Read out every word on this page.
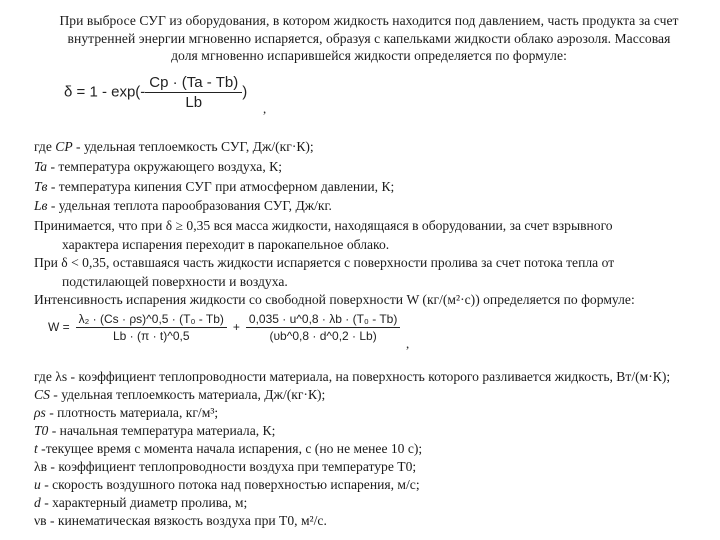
При выбросе СУГ из оборудования, в котором жидкость находится под давлением, часть продукта за счет
внутренней энергии мгновенно испаряется, образуя с капельками жидкости облако аэрозоля. Массовая
доля мгновенно испарившейся жидкости определяется по формуле:
$\delta = 1 - \exp(- \frac{Cp \cdot (Ta - Tb)}{Lb}$ )
,
где CP - удельная теплоемкость СУГ, Дж/(кг·К);
Ta - температура окружающего воздуха, К;
Tв - температура кипения СУГ при атмосферном давлении, К;
Lв - удельная теплота парообразования СУГ, Дж/кг.
Принимается, что при δ ≥ 0,35 вся масса жидкости, находящаяся в оборудовании, за счет взрывного
характера испарения переходит в парокапельное облако.
При δ < 0,35, оставшаяся часть жидкости испаряется с поверхности пролива за счет потока тепла от
подстилающей поверхности и воздуха.
Интенсивность испарения жидкости со свободной поверхности W (кг/(м²·с)) определяется по формуле:
$W = \frac{\text{λ₂ · (Cs · ρs)\textasciicircum{}0,5 · (T₀ - Tb)}}{Lb \cdot (\pi \cdot t)\^{}0,5} + \frac{\text{0,035 · u\textasciicircum{}0,8 · λb · (T₀ - Tb)}}{(\upsilon b\^{}0,8 \cdot d\^{}0,2 \cdot Lb)}$
,
где λs - коэффициент теплопроводности материала, на поверхность которого разливается жидкость, Вт/(м·К);
CS - удельная теплоемкость материала, Дж/(кг·К);
ρs - плотность материала, кг/м³;
T0 - начальная температура материала, К;
t -текущее время с момента начала испарения, с (но не менее 10 с);
λв - коэффициент теплопроводности воздуха при температуре T0;
u - скорость воздушного потока над поверхностью испарения, м/с;
d - характерный диаметр пролива, м;
νв - кинематическая вязкость воздуха при T0, м²/с.
